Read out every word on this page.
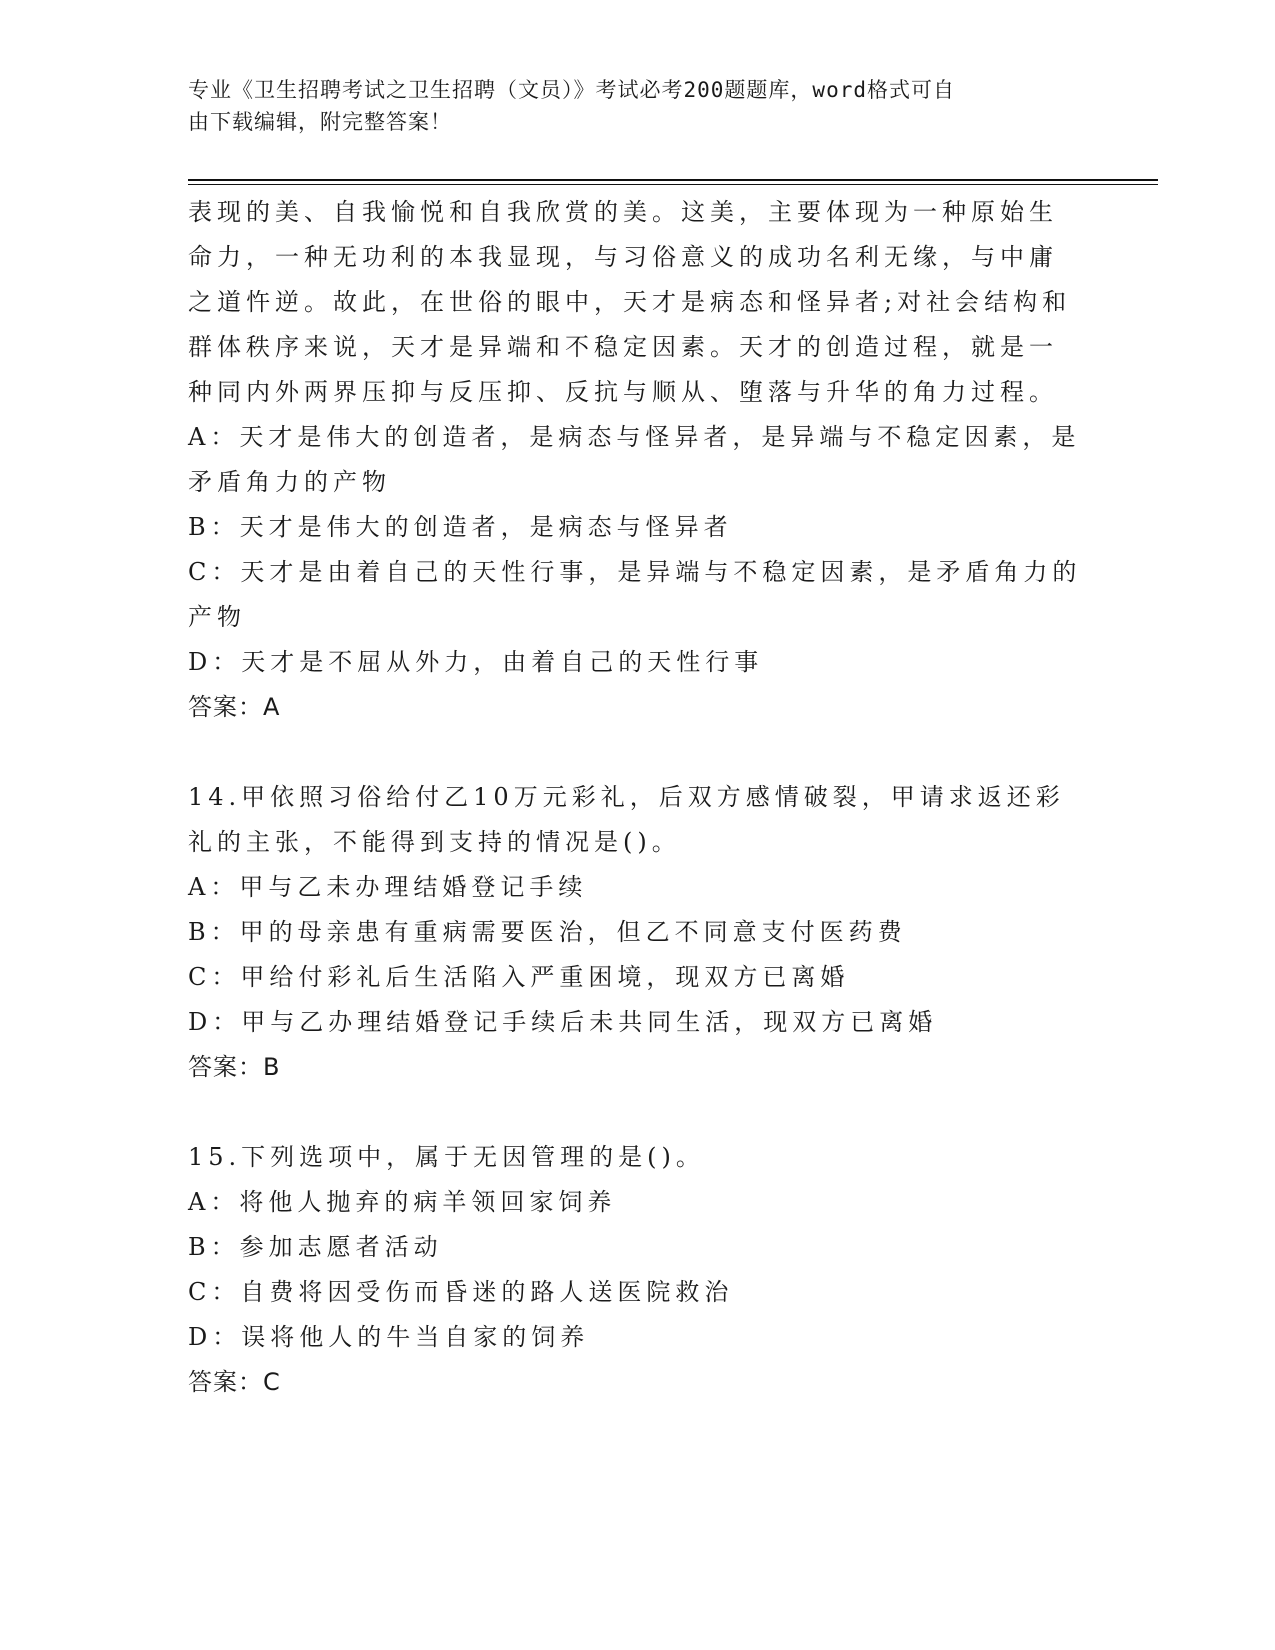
专业《卫生招聘考试之卫生招聘（文员）》考试必考200题题库，word格式可自
由下载编辑，附完整答案！

表现的美、自我愉悦和自我欣赏的美。这美，主要体现为一种原始生

命力，一种无功利的本我显现，与习俗意义的成功名利无缘，与中庸

之道忤逆。故此，在世俗的眼中，天才是病态和怪异者;对社会结构和

群体秩序来说，天才是异端和不稳定因素。天才的创造过程，就是一

种同内外两界压抑与反压抑、反抗与顺从、堕落与升华的角力过程。

A：天才是伟大的创造者，是病态与怪异者，是异端与不稳定因素，是

矛盾角力的产物

B：天才是伟大的创造者，是病态与怪异者

C：天才是由着自己的天性行事，是异端与不稳定因素，是矛盾角力的

产物

D：天才是不屈从外力，由着自己的天性行事

答案：A

14.甲依照习俗给付乙10万元彩礼，后双方感情破裂，甲请求返还彩

礼的主张，不能得到支持的情况是()。

A：甲与乙未办理结婚登记手续

B：甲的母亲患有重病需要医治，但乙不同意支付医药费

C：甲给付彩礼后生活陷入严重困境，现双方已离婚

D：甲与乙办理结婚登记手续后未共同生活，现双方已离婚

答案：B

15.下列选项中，属于无因管理的是()。

A：将他人抛弃的病羊领回家饲养

B：参加志愿者活动

C：自费将因受伤而昏迷的路人送医院救治

D：误将他人的牛当自家的饲养

答案：C
